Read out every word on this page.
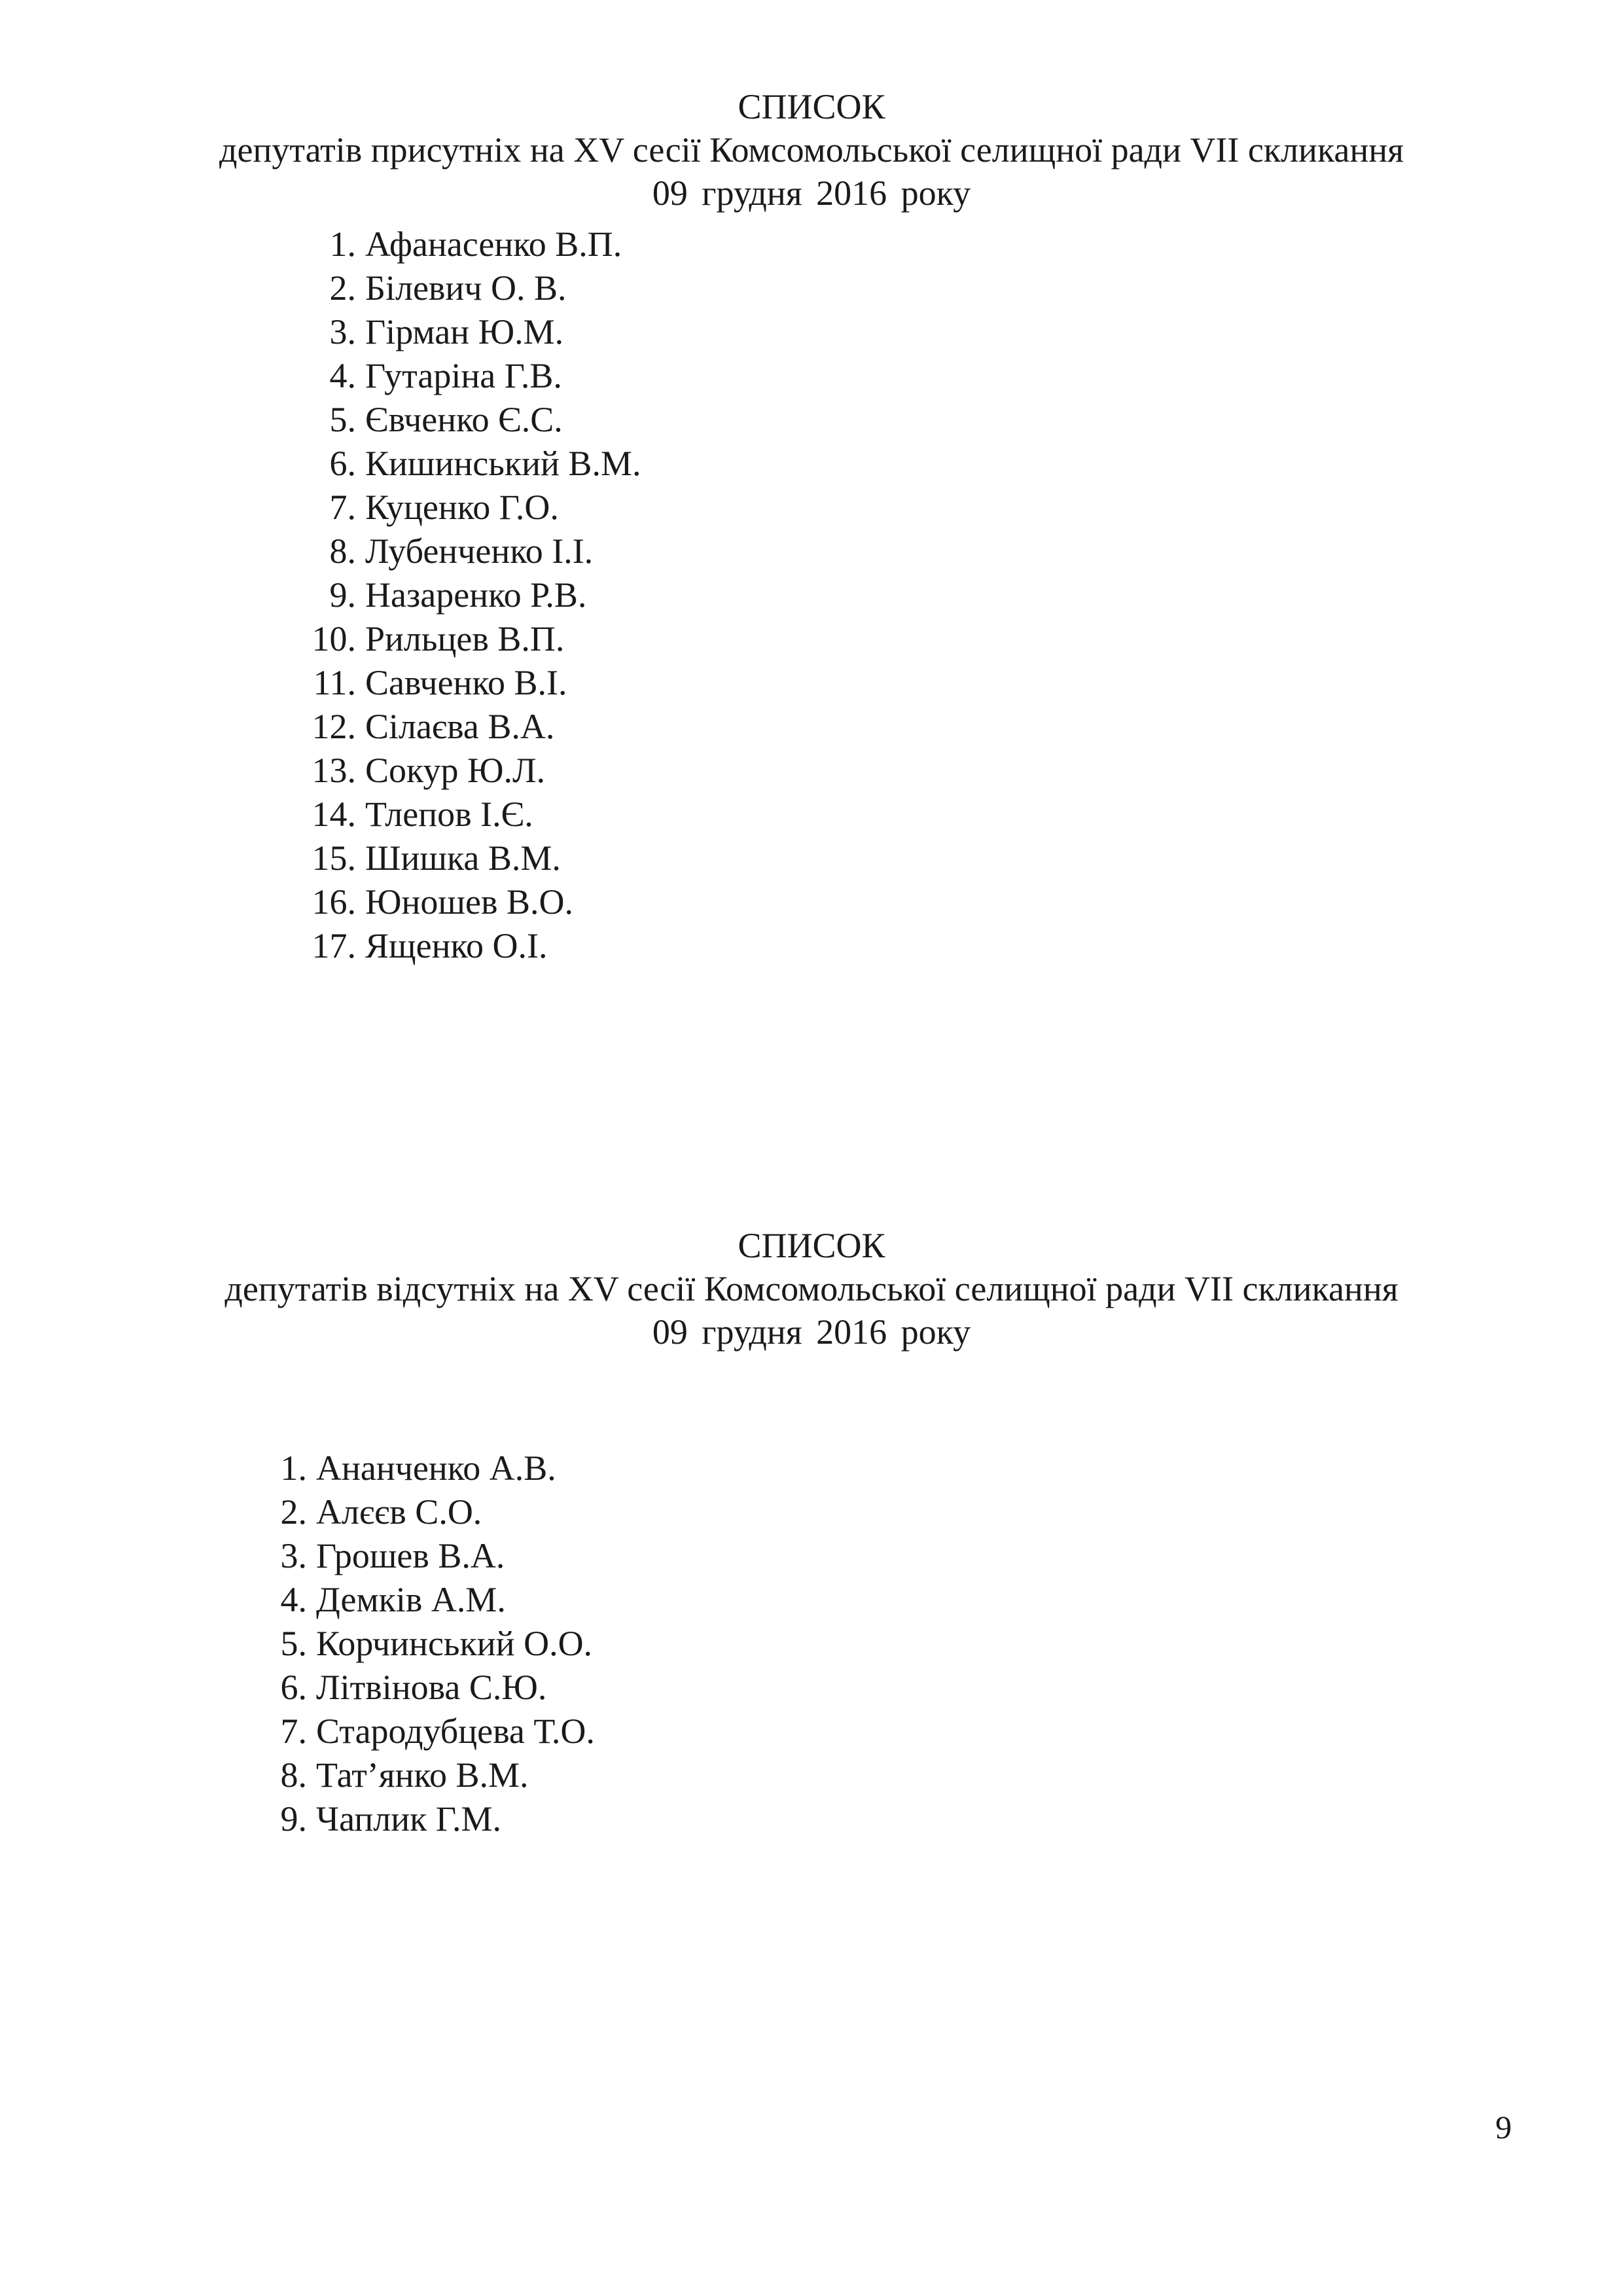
СПИСОК

депутатів присутніх на XV сесії Комсомольської селищної ради VII скликання

09 грудня 2016 року

1. Афанасенко В.П.
2. Білевич О. В.
3. Гірман Ю.М.
4. Гутаріна Г.В.
5. Євченко Є.С.
6. Кишинський В.М.
7. Куценко Г.О.
8. Лубенченко І.І.
9. Назаренко Р.В.
10. Рильцев В.П.
11. Савченко В.І.
12. Сілаєва В.А.
13. Сокур Ю.Л.
14. Тлепов І.Є.
15. Шишка В.М.
16. Юношев В.О.
17. Ященко О.І.
СПИСОК

депутатів відсутніх на XV сесії Комсомольської селищної ради VII скликання

09 грудня 2016 року

1. Ананченко А.В.
2. Алєєв С.О.
3. Грошев В.А.
4. Демків А.М.
5. Корчинський О.О.
6. Літвінова С.Ю.
7. Стародубцева Т.О.
8. Тат’янко В.М.
9. Чаплик Г.М.
9
